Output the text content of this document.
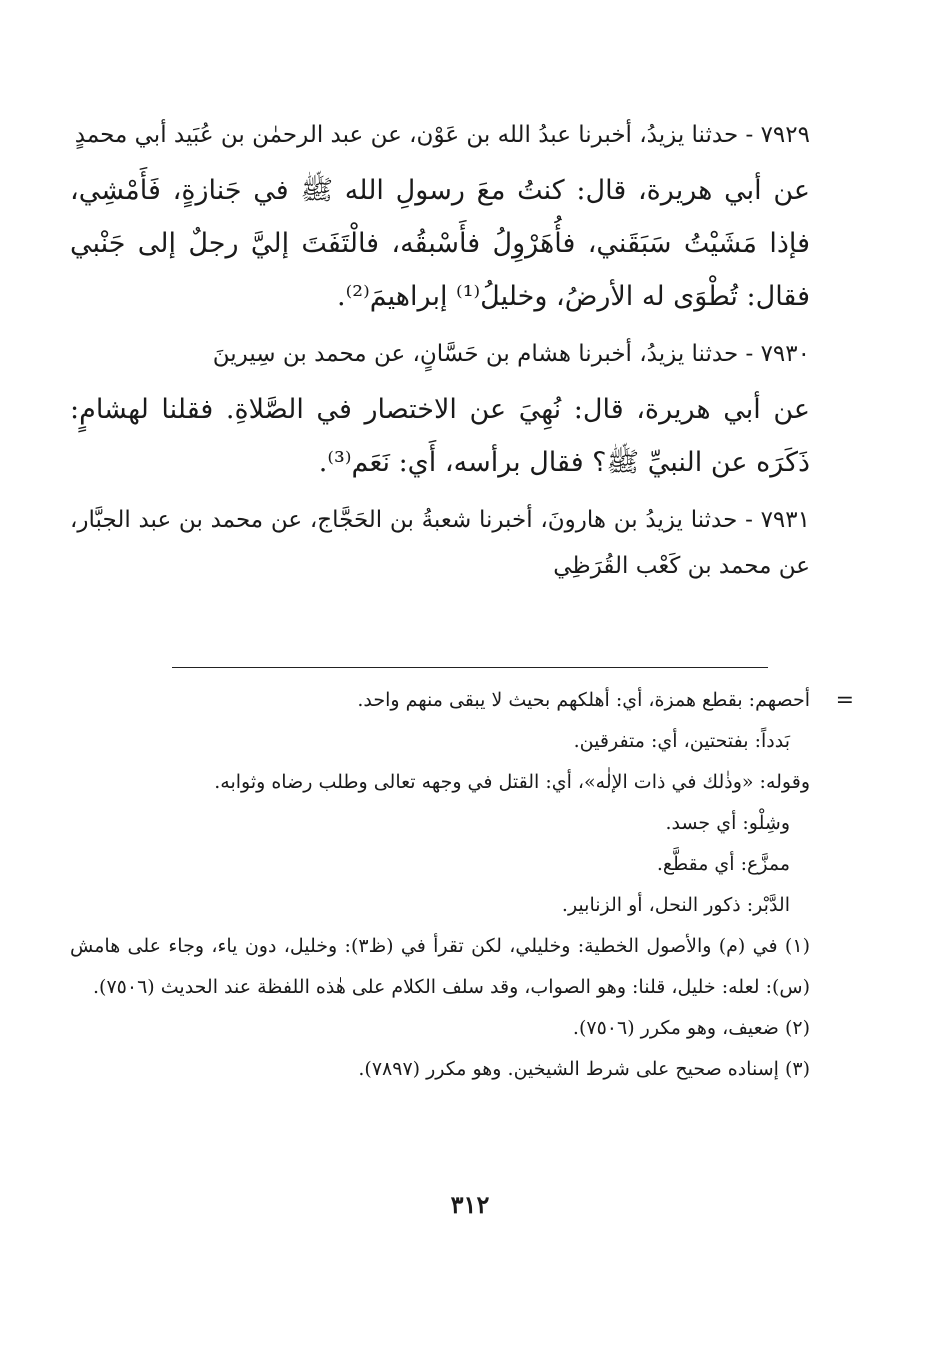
٧٩٢٩ - حدثنا يزيدُ، أخبرنا عبدُ الله بن عَوْن، عن عبد الرحمٰن بن عُبَيد أبي محمدٍ

عن أبي هريرة، قال: كنتُ معَ رسولِ الله ﷺ في جَنازةٍ، فَأَمْشِي، فإذا مَشَيْتُ سَبَقَني، فأُهَرْوِلُ فأَسْبقُه، فالْتَفَتَ إليَّ رجلٌ إلى جَنْبي فقال: تُطْوَى له الأرضُ، وخليلُ⁽¹⁾ إبراهيمَ⁽²⁾.

٧٩٣٠ - حدثنا يزيدُ، أخبرنا هشام بن حَسَّانٍ، عن محمد بن سِيرينَ

عن أبي هريرة، قال: نُهِيَ عن الاختصار في الصَّلاةِ. فقلنا لهشامٍ: ذَكَرَه عن النبيِّ ﷺ؟ فقال برأسه، أَي: نَعَم⁽³⁾.

٧٩٣١ - حدثنا يزيدُ بن هارونَ، أخبرنا شعبةُ بن الحَجَّاج، عن محمد بن عبد الجبَّار، عن محمد بن كَعْب القُرَظِي

=

أحصهم: بقطع همزة، أي: أهلكهم بحيث لا يبقى منهم واحد.

بَدداً: بفتحتين، أي: متفرقين.

وقوله: «وذٰلك في ذات الإلٰه»، أي: القتل في وجهه تعالى وطلب رضاه وثوابه.

وشِلْو: أي جسد.

ممزَّع: أي مقطَّع.

الدَّبْر: ذكور النحل، أو الزنابير.

(١) في (م) والأصول الخطية: وخليلي، لكن تقرأ في (ظ٣): وخليل، دون ياء، وجاء على هامش (س): لعله: خليل، قلنا: وهو الصواب، وقد سلف الكلام على هٰذه اللفظة عند الحديث (٧٥٠٦).

(٢) ضعيف، وهو مكرر (٧٥٠٦).

(٣) إسناده صحيح على شرط الشيخين. وهو مكرر (٧٨٩٧).

٣١٢
